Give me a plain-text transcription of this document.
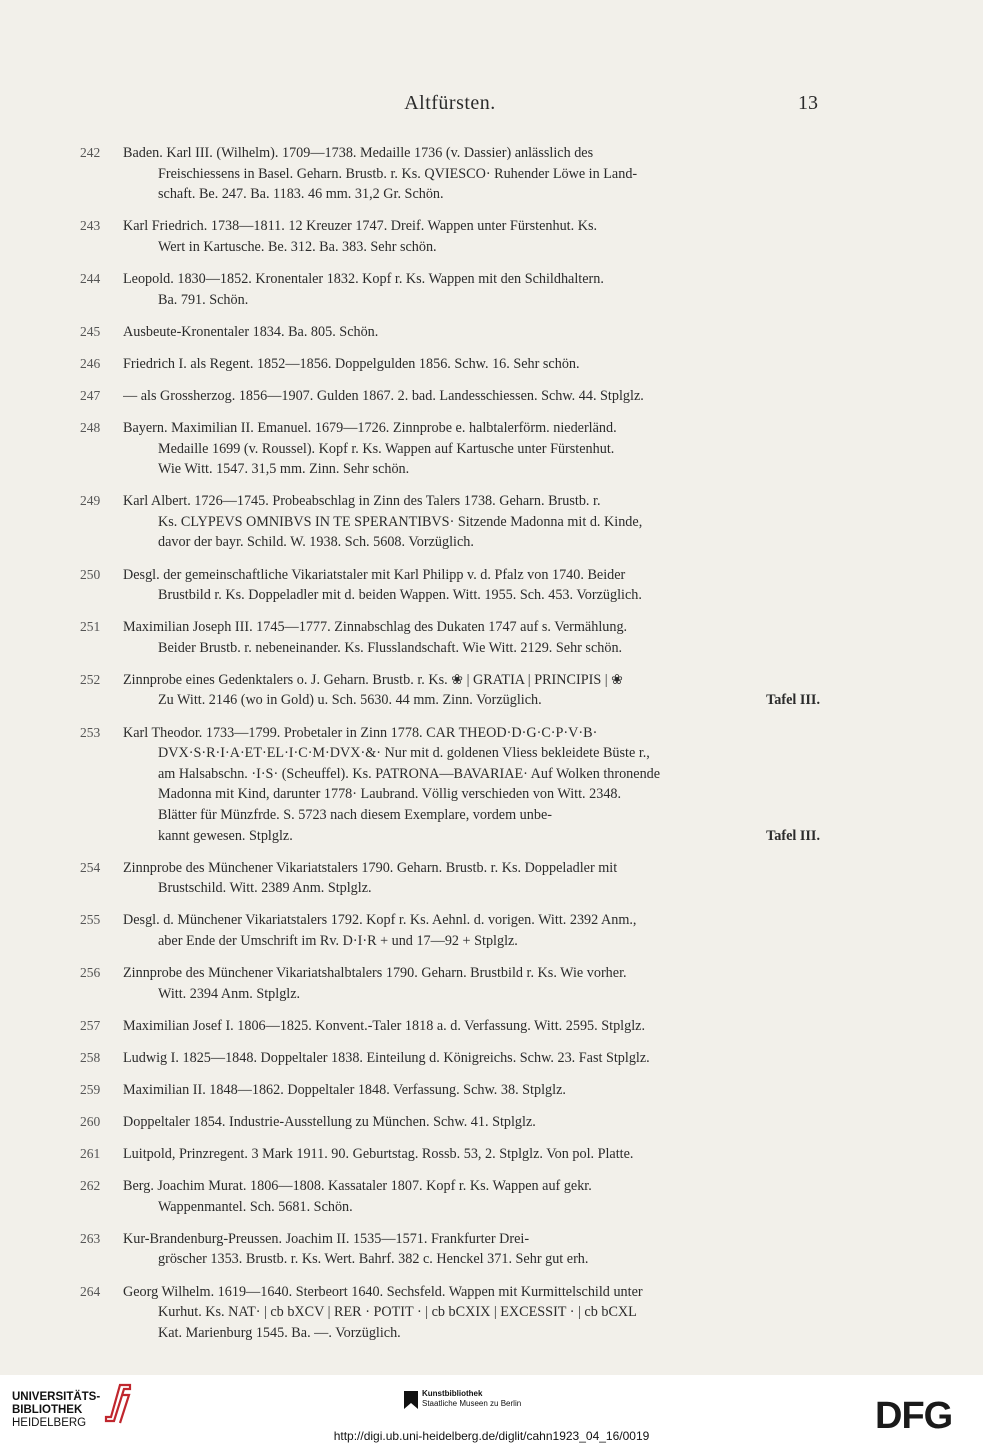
Altfürsten.	13
242	Baden. Karl III. (Wilhelm). 1709—1738. Medaille 1736 (v. Dassier) anlässlich des
Freischiessens in Basel. Geharn. Brustb. r. Ks. QVIESCO· Ruhender Löwe in Land-
schaft. Be. 247. Ba. 1183. 46 mm. 31,2 Gr. Schön.
243	Karl Friedrich. 1738—1811. 12 Kreuzer 1747. Dreif. Wappen unter Fürstenhut. Ks.
Wert in Kartusche. Be. 312. Ba. 383. Sehr schön.
244	Leopold. 1830—1852. Kronentaler 1832. Kopf r. Ks. Wappen mit den Schildhaltern.
Ba. 791. Schön.
245	Ausbeute-Kronentaler 1834. Ba. 805. Schön.
246	Friedrich I. als Regent. 1852—1856. Doppelgulden 1856. Schw. 16. Sehr schön.
247	— als Grossherzog. 1856—1907. Gulden 1867. 2. bad. Landesschiessen. Schw. 44. Stplglz.
248	Bayern. Maximilian II. Emanuel. 1679—1726. Zinnprobe e. halbtalerförm. niederländ.
Medaille 1699 (v. Roussel). Kopf r. Ks. Wappen auf Kartusche unter Fürstenhut.
Wie Witt. 1547. 31,5 mm. Zinn. Sehr schön.
249	Karl Albert. 1726—1745. Probeabschlag in Zinn des Talers 1738. Geharn. Brustb. r.
Ks. CLYPEVS OMNIBVS IN TE SPERANTIBVS· Sitzende Madonna mit d. Kinde,
davor der bayr. Schild. W. 1938. Sch. 5608. Vorzüglich.
250	Desgl. der gemeinschaftliche Vikariatstaler mit Karl Philipp v. d. Pfalz von 1740. Beider
Brustbild r. Ks. Doppeladler mit d. beiden Wappen. Witt. 1955. Sch. 453. Vorzüglich.
251	Maximilian Joseph III. 1745—1777. Zinnabschlag des Dukaten 1747 auf s. Vermählung.
Beider Brustb. r. nebeneinander. Ks. Flusslandschaft. Wie Witt. 2129. Sehr schön.
252	Zinnprobe eines Gedenktalers o. J. Geharn. Brustb. r. Ks. ❀ | GRATIA | PRINCIPIS | ❀
Zu Witt. 2146 (wo in Gold) u. Sch. 5630. 44 mm. Zinn. Vorzüglich.	Tafel III.
253	Karl Theodor. 1733—1799. Probetaler in Zinn 1778. CAR THEOD·D·G·C·P·V·B·
DVX·S·R·I·A·ET·EL·I·C·M·DVX·&· Nur mit d. goldenen Vliess bekleidete Büste r.,
am Halsabschn. ·I·S· (Scheuffel). Ks. PATRONA—BAVARIAE· Auf Wolken thronende
Madonna mit Kind, darunter 1778· Laubrand. Völlig verschieden von Witt. 2348.
Blätter für Münzfrde. S. 5723 nach diesem Exemplare, vordem unbe-
kannt gewesen. Stplglz.	Tafel III.
254	Zinnprobe des Münchener Vikariatstalers 1790. Geharn. Brustb. r. Ks. Doppeladler mit
Brustschild. Witt. 2389 Anm. Stplglz.
255	Desgl. d. Münchener Vikariatstalers 1792. Kopf r. Ks. Aehnl. d. vorigen. Witt. 2392 Anm.,
aber Ende der Umschrift im Rv. D·I·R + und 17—92 + Stplglz.
256	Zinnprobe des Münchener Vikariatshalbtalers 1790. Geharn. Brustbild r. Ks. Wie vorher.
Witt. 2394 Anm. Stplglz.
257	Maximilian Josef I. 1806—1825. Konvent.-Taler 1818 a. d. Verfassung. Witt. 2595. Stplglz.
258	Ludwig I. 1825—1848. Doppeltaler 1838. Einteilung d. Königreichs. Schw. 23. Fast Stplglz.
259	Maximilian II. 1848—1862. Doppeltaler 1848. Verfassung. Schw. 38. Stplglz.
260	Doppeltaler 1854. Industrie-Ausstellung zu München. Schw. 41. Stplglz.
261	Luitpold, Prinzregent. 3 Mark 1911. 90. Geburtstag. Rossb. 53, 2. Stplglz. Von pol. Platte.
262	Berg. Joachim Murat. 1806—1808. Kassataler 1807. Kopf r. Ks. Wappen auf gekr.
Wappenmantel. Sch. 5681. Schön.
263	Kur-Brandenburg-Preussen. Joachim II. 1535—1571. Frankfurter Drei-
gröscher 1353. Brustb. r. Ks. Wert. Bahrf. 382 c. Henckel 371. Sehr gut erh.
264	Georg Wilhelm. 1619—1640. Sterbeort 1640. Sechsfeld. Wappen mit Kurmittelschild unter
Kurhut. Ks. NAT· | cb bXCV | RER · POTIT · | cb bCXIX | EXCESSIT · | cb bCXL
Kat. Marienburg 1545. Ba. —. Vorzüglich.
UNIVERSITÄTS-
BIBLIOTHEK
HEIDELBERG
Kunstbibliothek
Staatliche Museen zu Berlin	DFG
http://digi.ub.uni-heidelberg.de/diglit/cahn1923_04_16/0019
